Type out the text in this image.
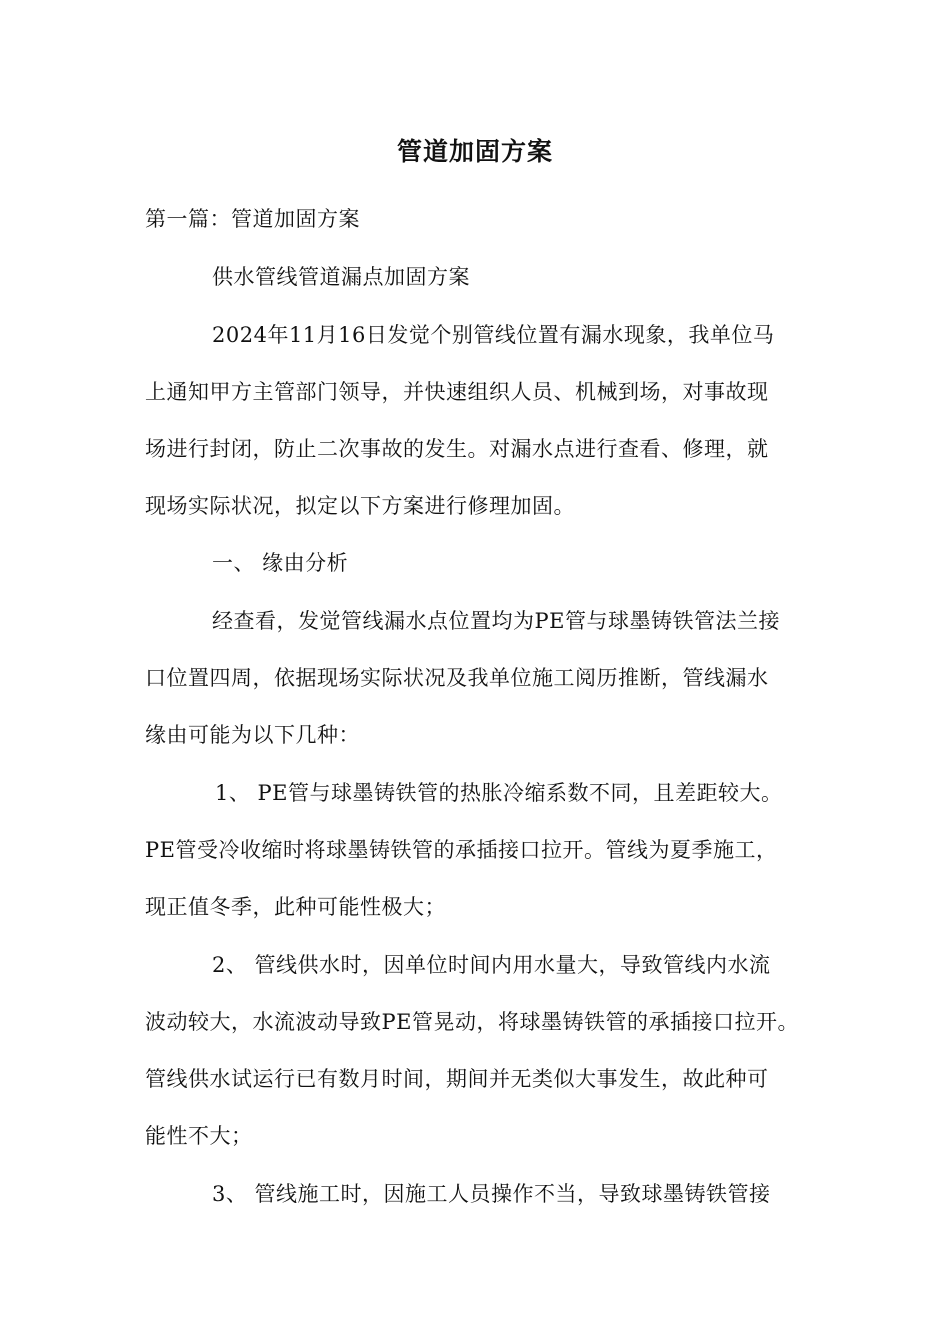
管道加固方案
第一篇：管道加固方案
供水管线管道漏点加固方案
2024年11月16日发觉个别管线位置有漏水现象，我单位马
上通知甲方主管部门领导，并快速组织人员、机械到场，对事故现
场进行封闭，防止二次事故的发生。对漏水点进行查看、修理，就
现场实际状况，拟定以下方案进行修理加固。
一、 缘由分析
经查看，发觉管线漏水点位置均为PE管与球墨铸铁管法兰接
口位置四周，依据现场实际状况及我单位施工阅历推断，管线漏水
缘由可能为以下几种：
1、 PE管与球墨铸铁管的热胀冷缩系数不同，且差距较大。
PE管受冷收缩时将球墨铸铁管的承插接口拉开。管线为夏季施工，
现正值冬季，此种可能性极大；
2、 管线供水时，因单位时间内用水量大，导致管线内水流
波动较大，水流波动导致PE管晃动，将球墨铸铁管的承插接口拉开。
管线供水试运行已有数月时间，期间并无类似大事发生，故此种可
能性不大；
3、 管线施工时，因施工人员操作不当，导致球墨铸铁管接
